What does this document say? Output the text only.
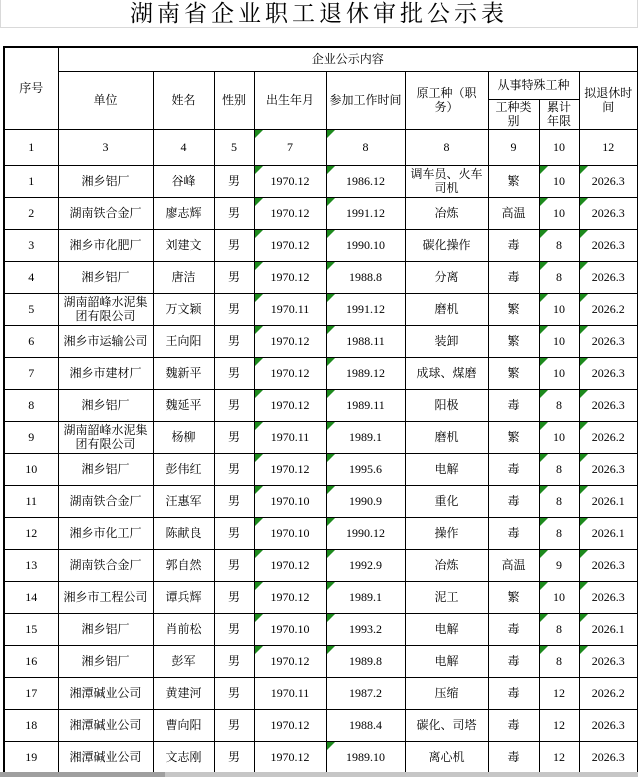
湖南省企业职工退休审批公示表
序号	企业公示内容								
	单位	姓名	性别	出生年月	参加工作时间	原工种（职务）	从事特殊工种		拟退休时间
							工种类别	累计年限	
1	3	4	5	7	8	8	9	10	12
1	湘乡铝厂	谷峰	男	1970.12	1986.12	调车员、火车司机	繁	10	2026.3
2	湖南铁合金厂	廖志辉	男	1970.12	1991.12	冶炼	高温	10	2026.3
3	湘乡市化肥厂	刘建文	男	1970.12	1990.10	碳化操作	毒	8	2026.3
4	湘乡铝厂	唐洁	男	1970.12	1988.8	分离	毒	8	2026.3
5	湖南韶峰水泥集团有限公司	万文颖	男	1970.11	1991.12	磨机	繁	10	2026.2
6	湘乡市运输公司	王向阳	男	1970.12	1988.11	装卸	繁	10	2026.3
7	湘乡市建材厂	魏新平	男	1970.12	1989.12	成球、煤磨	繁	10	2026.3
8	湘乡铝厂	魏延平	男	1970.12	1989.11	阳极	毒	8	2026.3
9	湖南韶峰水泥集团有限公司	杨柳	男	1970.11	1989.1	磨机	繁	10	2026.2
10	湘乡铝厂	彭伟红	男	1970.12	1995.6	电解	毒	8	2026.3
11	湖南铁合金厂	汪惠军	男	1970.10	1990.9	重化	毒	8	2026.1
12	湘乡市化工厂	陈献良	男	1970.10	1990.12	操作	毒	8	2026.1
13	湖南铁合金厂	郭自然	男	1970.12	1992.9	冶炼	高温	9	2026.3
14	湘乡市工程公司	谭兵辉	男	1970.12	1989.1	泥工	繁	10	2026.3
15	湘乡铝厂	肖前松	男	1970.10	1993.2	电解	毒	8	2026.1
16	湘乡铝厂	彭军	男	1970.12	1989.8	电解	毒	8	2026.3
17	湘潭碱业公司	黄建河	男	1970.11	1987.2	压缩	毒	12	2026.2
18	湘潭碱业公司	曹向阳	男	1970.12	1988.4	碳化、司塔	毒	12	2026.3
19	湘潭碱业公司	文志刚	男	1970.12	1989.10	离心机	毒	12	2026.3
